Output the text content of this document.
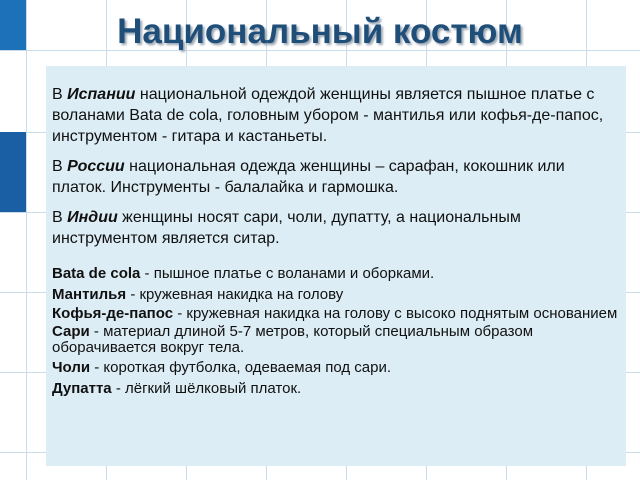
Национальный костюм

В Испании национальной одеждой женщины является пышное платье с воланами Bata de cola, головным убором - мантилья или кофья-де-папос, инструментом - гитара и кастаньеты.

В России национальная одежда женщины – сарафан, кокошник или платок. Инструменты - балалайка и гармошка.

В Индии женщины носят сари, чоли, дупатту, а национальным инструментом является ситар.

Bata de cola - пышное платье с воланами и оборками.

Мантилья - кружевная накидка на голову

Кофья-де-папос - кружевная накидка на голову с высоко поднятым основанием

Сари - материал длиной 5-7 метров, который специальным образом оборачивается вокруг тела.

Чоли - короткая футболка, одеваемая под сари.

Дупатта - лёгкий шёлковый платок.
